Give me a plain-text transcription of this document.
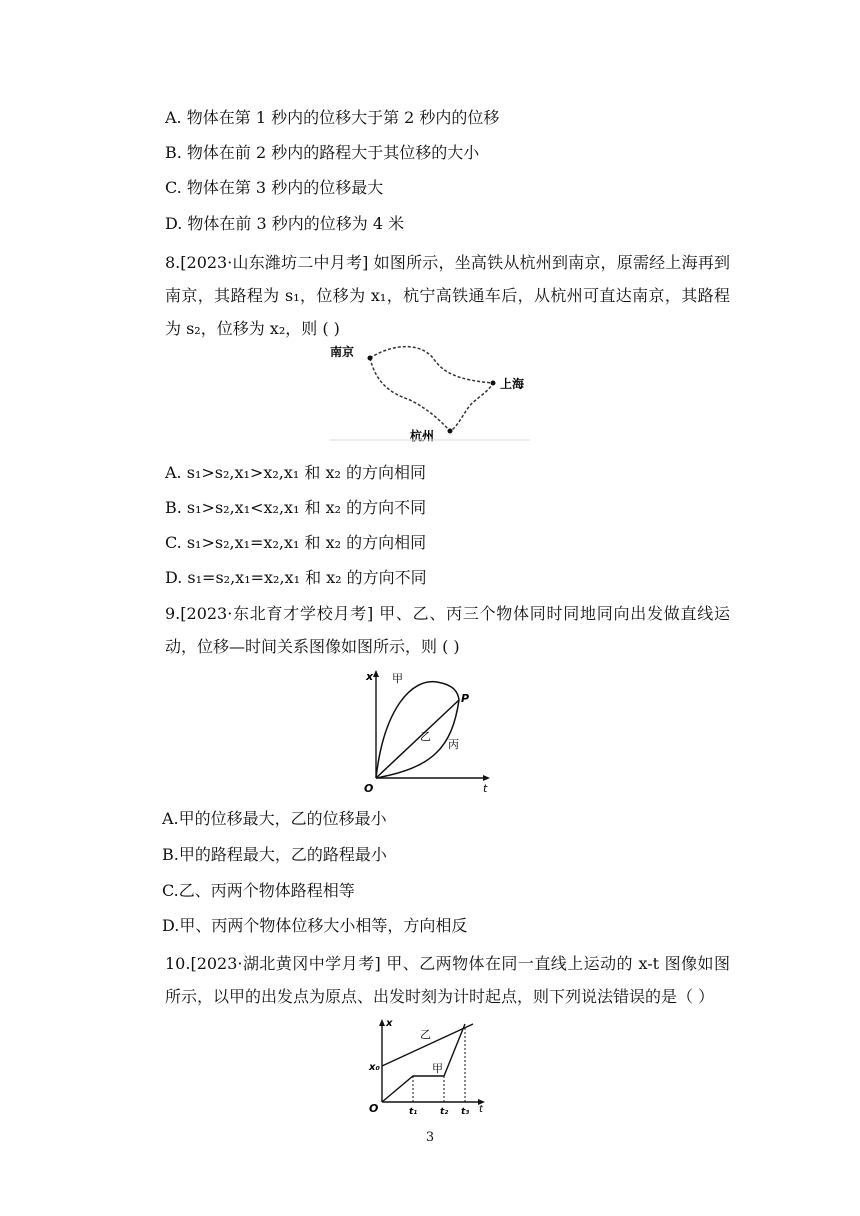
A. 物体在第 1 秒内的位移大于第 2 秒内的位移
B. 物体在前 2 秒内的路程大于其位移的大小
C. 物体在第 3 秒内的位移最大
D. 物体在前 3 秒内的位移为 4 米
8.[2023·山东潍坊二中月考] 如图所示，坐高铁从杭州到南京，原需经上海再到南京，其路程为 s₁，位移为 x₁，杭宁高铁通车后，从杭州可直达南京，其路程为 s₂，位移为 x₂，则 ( )
南京
上海
杭州
A. s₁>s₂,x₁>x₂,x₁ 和 x₂ 的方向相同
B. s₁>s₂,x₁<x₂,x₁ 和 x₂ 的方向不同
C. s₁>s₂,x₁=x₂,x₁ 和 x₂ 的方向相同
D. s₁=s₂,x₁=x₂,x₁ 和 x₂ 的方向不同
9.[2023·东北育才学校月考] 甲、乙、丙三个物体同时同地同向出发做直线运动，位移—时间关系图像如图所示，则 ( )
x
t
O
P
甲
乙
丙
A.甲的位移最大，乙的位移最小
B.甲的路程最大，乙的路程最小
C.乙、丙两个物体路程相等
D.甲、丙两个物体位移大小相等，方向相反
10.[2023·湖北黄冈中学月考] 甲、乙两物体在同一直线上运动的 x-t 图像如图所示，以甲的出发点为原点、出发时刻为计时起点，则下列说法错误的是（ ）
x
t
O
x₀	甲
乙
t₁	t₂ t₃
3
